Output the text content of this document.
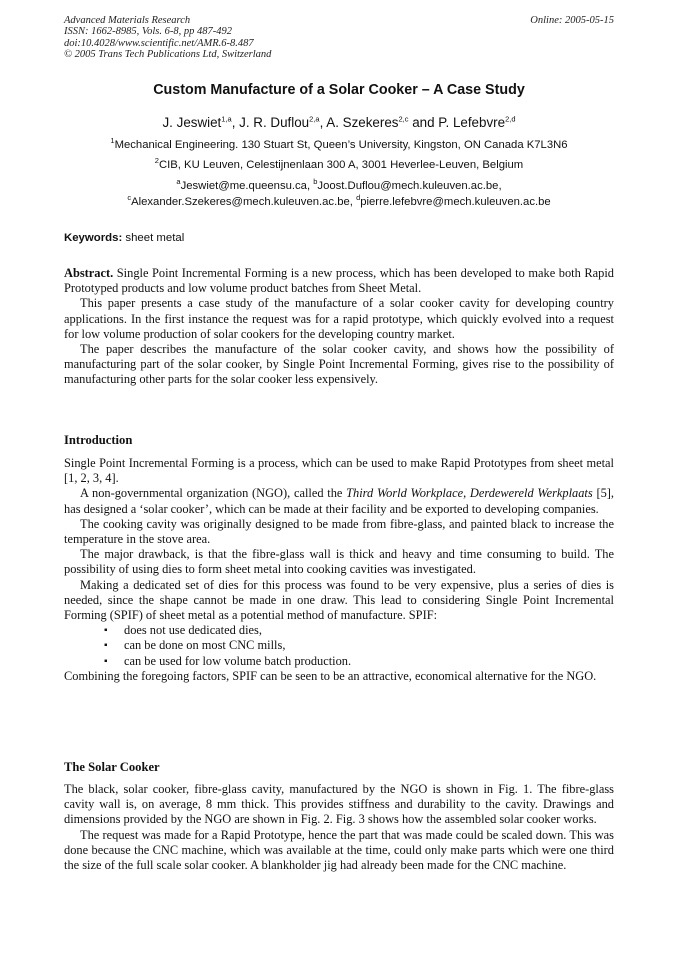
Advanced Materials Research
ISSN: 1662-8985, Vols. 6-8, pp 487-492
doi:10.4028/www.scientific.net/AMR.6-8.487
© 2005 Trans Tech Publications Ltd, Switzerland
Online: 2005-05-15
Custom Manufacture of a Solar Cooker – A Case Study
J. Jeswiet$^{1,a}$, J. R. Duflou$^{2,a}$, A. Szekeres$^{2,c}$ and P. Lefebvre$^{2,d}$
$^1$Mechanical Engineering. 130 Stuart St, Queen’s University, Kingston, ON Canada K7L3N6
$^2$CIB, KU Leuven, Celestijnenlaan 300 A, 3001 Heverlee-Leuven, Belgium
$^a$Jeswiet@me.queensu.ca, $^b$Joost.Duflou@mech.kuleuven.ac.be,
$^c$Alexander.Szekeres@mech.kuleuven.ac.be, $^d$pierre.lefebvre@mech.kuleuven.ac.be
Keywords: sheet metal

Abstract. Single Point Incremental Forming is a new process, which has been developed to make both Rapid Prototyped products and low volume product batches from Sheet Metal.

This paper presents a case study of the manufacture of a solar cooker cavity for developing country applications. In the first instance the request was for a rapid prototype, which quickly evolved into a request for low volume production of solar cookers for the developing country market.

The paper describes the manufacture of the solar cooker cavity, and shows how the possibility of manufacturing part of the solar cooker, by Single Point Incremental Forming, gives rise to the possibility of manufacturing other parts for the solar cooker less expensively.

Introduction

Single Point Incremental Forming is a process, which can be used to make Rapid Prototypes from sheet metal [1, 2, 3, 4].

A non-governmental organization (NGO), called the Third World Workplace, Derdewereld Werkplaats [5], has designed a ‘solar cooker’, which can be made at their facility and be exported to developing companies.

The cooking cavity was originally designed to be made from fibre-glass, and painted black to increase the temperature in the stove area.

The major drawback, is that the fibre-glass wall is thick and heavy and time consuming to build. The possibility of using dies to form sheet metal into cooking cavities was investigated.

Making a dedicated set of dies for this process was found to be very expensive, plus a series of dies is needed, since the shape cannot be made in one draw. This lead to considering Single Point Incremental Forming (SPIF) of sheet metal as a potential method of manufacture. SPIF:

▪ does not use dedicated dies,
▪ can be done on most CNC mills,
▪ can be used for low volume batch production.

Combining the foregoing factors, SPIF can be seen to be an attractive, economical alternative for the NGO.

The Solar Cooker

The black, solar cooker, fibre-glass cavity, manufactured by the NGO is shown in Fig. 1. The fibre-glass cavity wall is, on average, 8 mm thick. This provides stiffness and durability to the cavity. Drawings and dimensions provided by the NGO are shown in Fig. 2. Fig. 3 shows how the assembled solar cooker works.

The request was made for a Rapid Prototype, hence the part that was made could be scaled down. This was done because the CNC machine, which was available at the time, could only make parts which were one third the size of the full scale solar cooker. A blankholder jig had already been made for the CNC machine.
